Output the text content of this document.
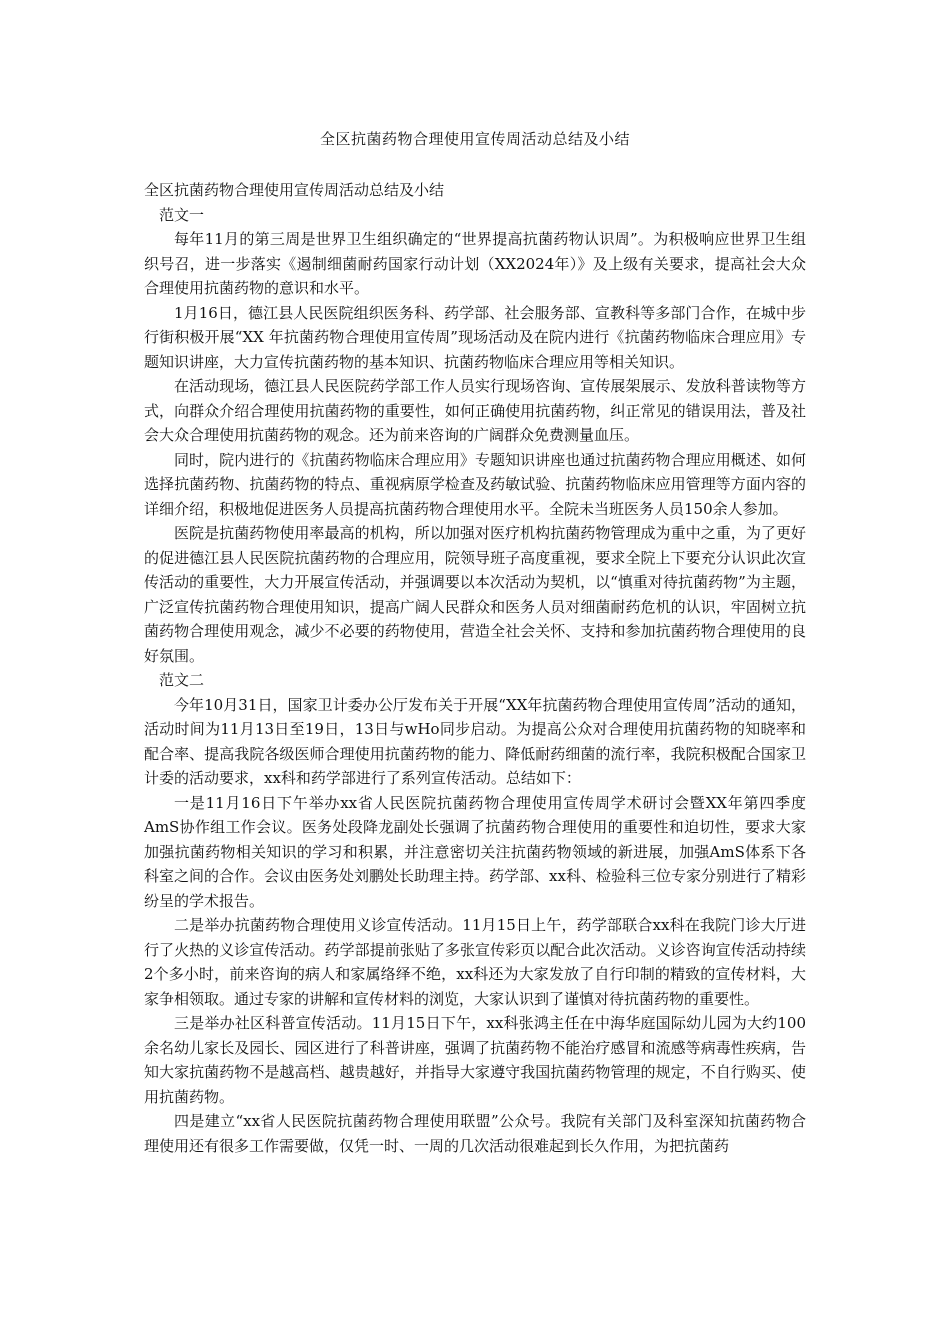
全区抗菌药物合理使用宣传周活动总结及小结

全区抗菌药物合理使用宣传周活动总结及小结

范文一

每年11月的第三周是世界卫生组织确定的“世界提高抗菌药物认识周”。为积极响应世界卫生组织号召，进一步落实《遏制细菌耐药国家行动计划（XX2024年）》及上级有关要求，提高社会大众合理使用抗菌药物的意识和水平。

1月16日，德江县人民医院组织医务科、药学部、社会服务部、宣教科等多部门合作，在城中步行街积极开展“XX 年抗菌药物合理使用宣传周”现场活动及在院内进行《抗菌药物临床合理应用》专题知识讲座，大力宣传抗菌药物的基本知识、抗菌药物临床合理应用等相关知识。

在活动现场，德江县人民医院药学部工作人员实行现场咨询、宣传展架展示、发放科普读物等方式，向群众介绍合理使用抗菌药物的重要性，如何正确使用抗菌药物，纠正常见的错误用法，普及社会大众合理使用抗菌药物的观念。还为前来咨询的广阔群众免费测量血压。

同时，院内进行的《抗菌药物临床合理应用》专题知识讲座也通过抗菌药物合理应用概述、如何选择抗菌药物、抗菌药物的特点、重视病原学检查及药敏试验、抗菌药物临床应用管理等方面内容的详细介绍，积极地促进医务人员提高抗菌药物合理使用水平。全院未当班医务人员150余人参加。

医院是抗菌药物使用率最高的机构，所以加强对医疗机构抗菌药物管理成为重中之重，为了更好的促进德江县人民医院抗菌药物的合理应用，院领导班子高度重视，要求全院上下要充分认识此次宣传活动的重要性，大力开展宣传活动，并强调要以本次活动为契机，以“慎重对待抗菌药物”为主题，广泛宣传抗菌药物合理使用知识，提高广阔人民群众和医务人员对细菌耐药危机的认识，牢固树立抗菌药物合理使用观念，减少不必要的药物使用，营造全社会关怀、支持和参加抗菌药物合理使用的良好氛围。

范文二

今年10月31日，国家卫计委办公厅发布关于开展“XX年抗菌药物合理使用宣传周”活动的通知，活动时间为11月13日至19日，13日与wHo同步启动。为提高公众对合理使用抗菌药物的知晓率和配合率、提高我院各级医师合理使用抗菌药物的能力、降低耐药细菌的流行率，我院积极配合国家卫计委的活动要求，xx科和药学部进行了系列宣传活动。总结如下：

一是11月16日下午举办xx省人民医院抗菌药物合理使用宣传周学术研讨会暨XX年第四季度AmS协作组工作会议。医务处段降龙副处长强调了抗菌药物合理使用的重要性和迫切性，要求大家加强抗菌药物相关知识的学习和积累，并注意密切关注抗菌药物领域的新进展，加强AmS体系下各科室之间的合作。会议由医务处刘鹏处长助理主持。药学部、xx科、检验科三位专家分别进行了精彩纷呈的学术报告。

二是举办抗菌药物合理使用义诊宣传活动。11月15日上午，药学部联合xx科在我院门诊大厅进行了火热的义诊宣传活动。药学部提前张贴了多张宣传彩页以配合此次活动。义诊咨询宣传活动持续2个多小时，前来咨询的病人和家属络绎不绝，xx科还为大家发放了自行印制的精致的宣传材料，大家争相领取。通过专家的讲解和宣传材料的浏览，大家认识到了谨慎对待抗菌药物的重要性。

三是举办社区科普宣传活动。11月15日下午，xx科张鸿主任在中海华庭国际幼儿园为大约100余名幼儿家长及园长、园区进行了科普讲座，强调了抗菌药物不能治疗感冒和流感等病毒性疾病，告知大家抗菌药物不是越高档、越贵越好，并指导大家遵守我国抗菌药物管理的规定，不自行购买、使用抗菌药物。

四是建立“xx省人民医院抗菌药物合理使用联盟”公众号。我院有关部门及科室深知抗菌药物合理使用还有很多工作需要做，仅凭一时、一周的几次活动很难起到长久作用，为把抗菌药
